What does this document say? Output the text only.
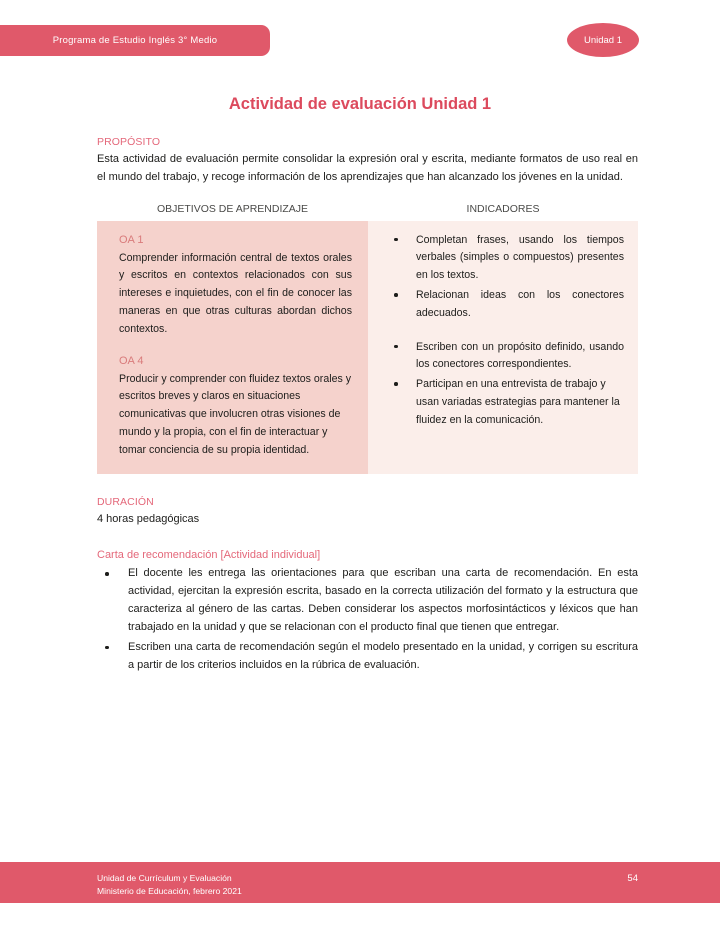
Programa de Estudio Inglés 3° Medio	Unidad 1
Actividad de evaluación Unidad 1
PROPÓSITO

Esta actividad de evaluación permite consolidar la expresión oral y escrita, mediante formatos de uso real en el mundo del trabajo, y recoge información de los aprendizajes que han alcanzado los jóvenes en la unidad.

OBJETIVOS DE APRENDIZAJE	INDICADORES
OA 1

Comprender información central de textos orales y escritos en contextos relacionados con sus intereses e inquietudes, con el fin de conocer las maneras en que otras culturas abordan dichos contextos.

OA 4

Producir y comprender con fluidez textos orales y escritos breves y claros en situaciones comunicativas que involucren otras visiones de mundo y la propia, con el fin de interactuar y tomar conciencia de su propia identidad.

Completan frases, usando los tiempos verbales (simples o compuestos) presentes en los textos.
Relacionan ideas con los conectores adecuados.
Escriben con un propósito definido, usando los conectores correspondientes.
Participan en una entrevista de trabajo y usan variadas estrategias para mantener la fluidez en la comunicación.
DURACIÓN

4 horas pedagógicas

Carta de recomendación [Actividad individual]
El docente les entrega las orientaciones para que escriban una carta de recomendación. En esta actividad, ejercitan la expresión escrita, basado en la correcta utilización del formato y la estructura que caracteriza al género de las cartas. Deben considerar los aspectos morfosintácticos y léxicos que han trabajado en la unidad y que se relacionan con el producto final que tienen que entregar.
Escriben una carta de recomendación según el modelo presentado en la unidad, y corrigen su escritura a partir de los criterios incluidos en la rúbrica de evaluación.
Unidad de Currículum y Evaluación
Ministerio de Educación, febrero 2021
54
